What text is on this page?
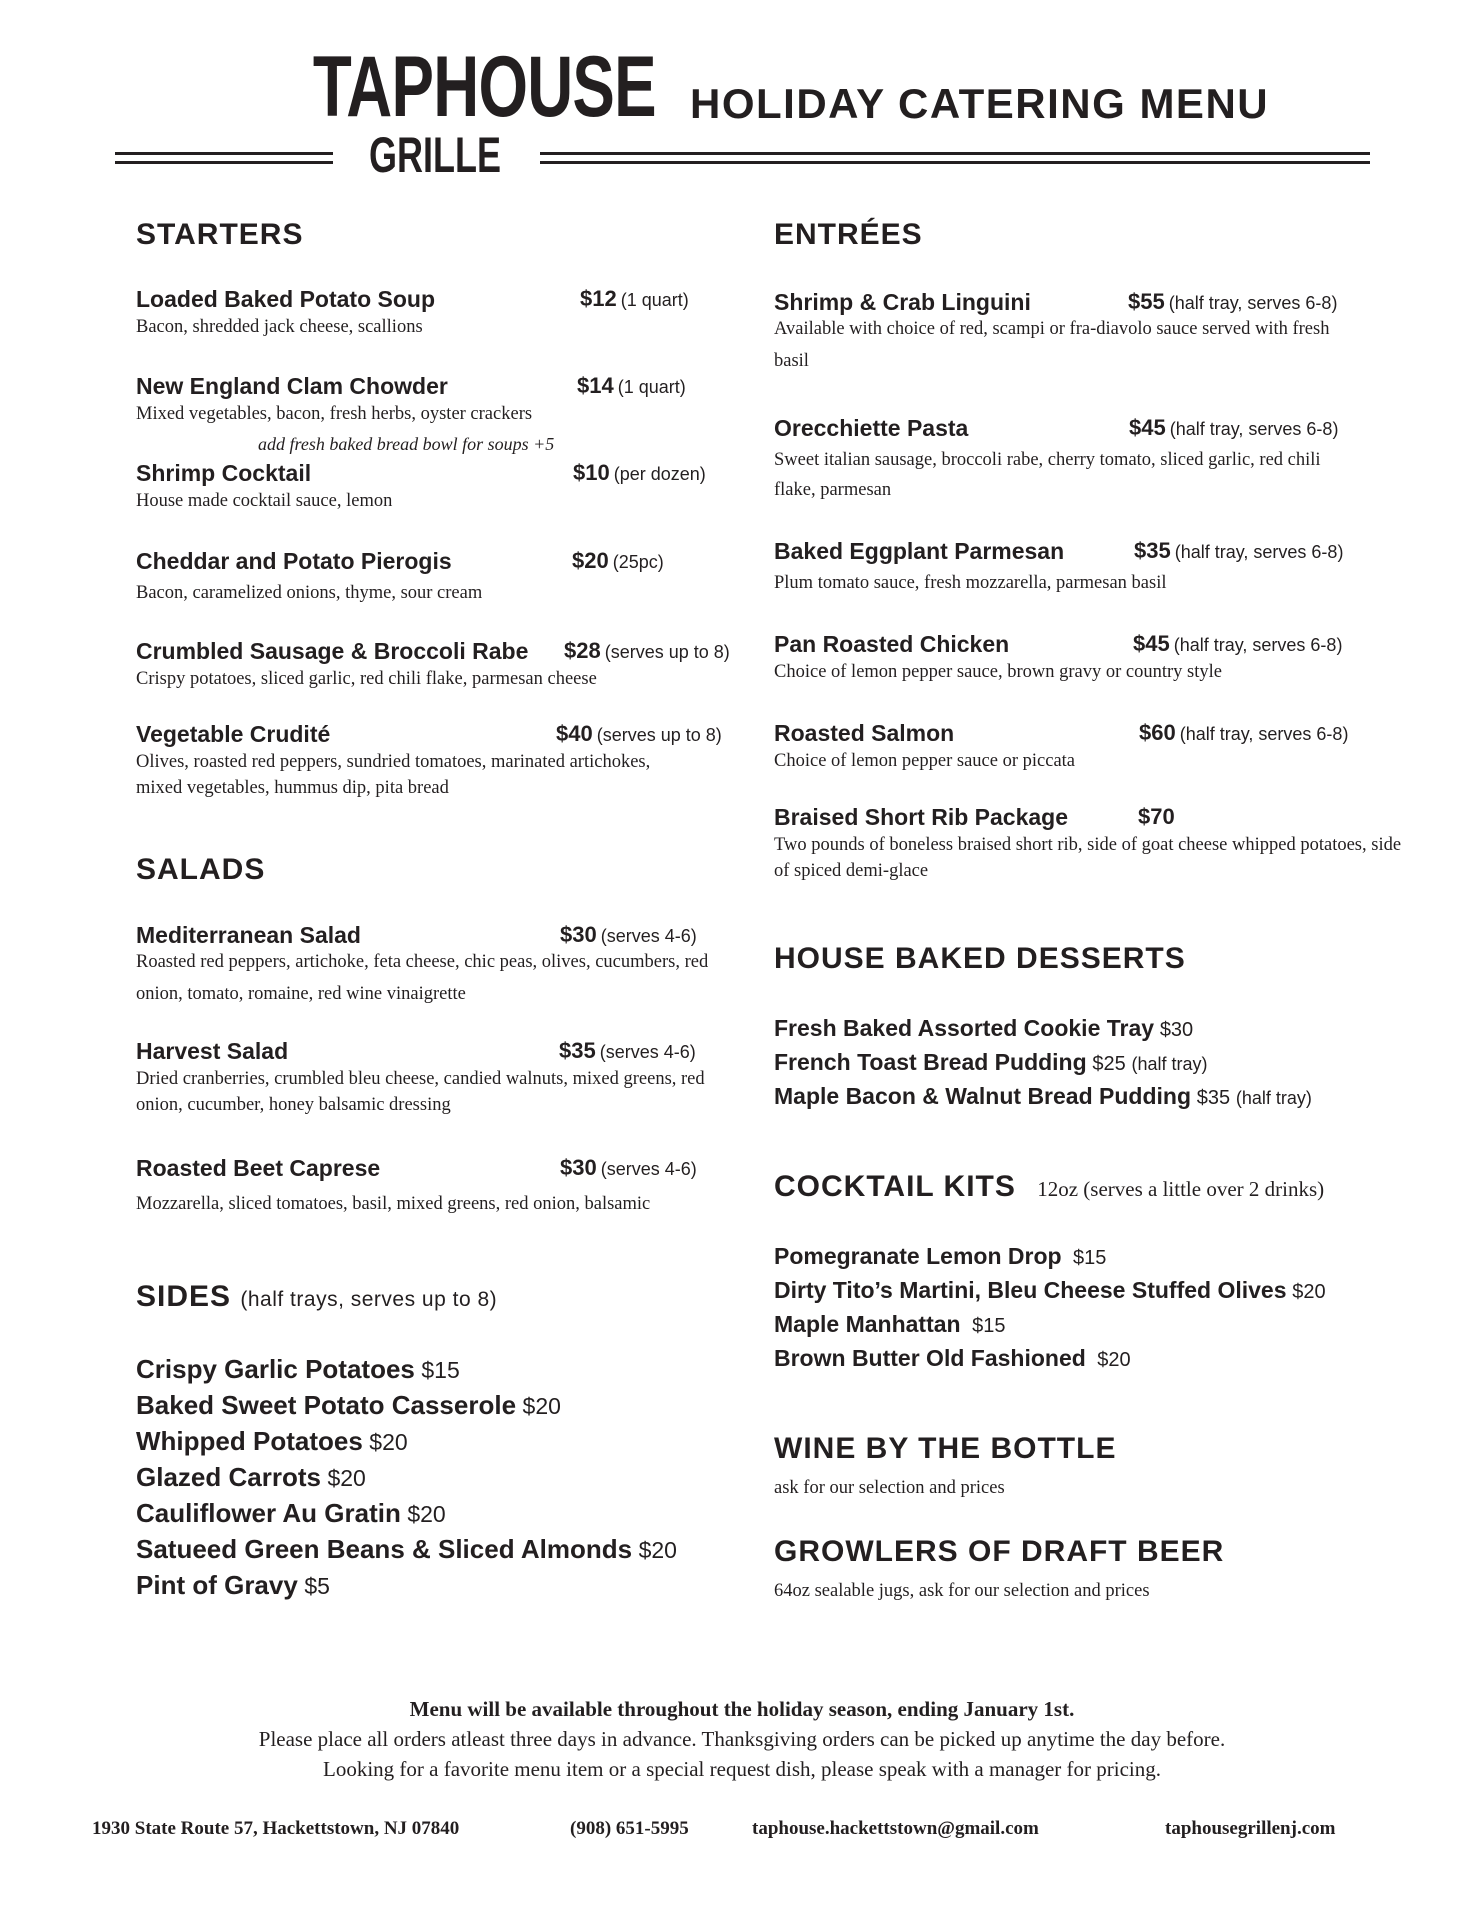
TAPHOUSE
GRILLE
HOLIDAY CATERING MENU
STARTERS
Loaded Baked Potato Soup	$12 (1 quart)
Bacon, shredded jack cheese, scallions
New England Clam Chowder	$14 (1 quart)
Mixed vegetables, bacon, fresh herbs, oyster crackers
add fresh baked bread bowl for soups +5
Shrimp Cocktail	$10 (per dozen)
House made cocktail sauce, lemon
Cheddar and Potato Pierogis	$20 (25pc)
Bacon, caramelized onions, thyme, sour cream
Crumbled Sausage & Broccoli Rabe $28 (serves up to 8)
Crispy potatoes, sliced garlic, red chili flake, parmesan cheese
Vegetable Crudité	$40 (serves up to 8)
Olives, roasted red peppers, sundried tomatoes, marinated artichokes, mixed vegetables, hummus dip, pita bread
SALADS
Mediterranean Salad	$30 (serves 4-6)
Roasted red peppers, artichoke, feta cheese, chic peas, olives, cucumbers, red onion, tomato, romaine, red wine vinaigrette
Harvest Salad	$35 (serves 4-6)
Dried cranberries, crumbled bleu cheese, candied walnuts, mixed greens, red onion, cucumber, honey balsamic dressing
Roasted Beet Caprese	$30 (serves 4-6)
Mozzarella, sliced tomatoes, basil, mixed greens, red onion, balsamic
SIDES (half trays, serves up to 8)
Crispy Garlic Potatoes $15
Baked Sweet Potato Casserole $20
Whipped Potatoes $20
Glazed Carrots $20
Cauliflower Au Gratin $20
Satueed Green Beans & Sliced Almonds $20
Pint of Gravy $5
ENTRÉES
Shrimp & Crab Linguini	$55 (half tray, serves 6-8)
Available with choice of red, scampi or fra-diavolo sauce served with fresh basil
Orecchiette Pasta	$45 (half tray, serves 6-8)
Sweet italian sausage, broccoli rabe, cherry tomato, sliced garlic, red chili flake, parmesan
Baked Eggplant Parmesan	$35 (half tray, serves 6-8)
Plum tomato sauce, fresh mozzarella, parmesan basil
Pan Roasted Chicken	$45 (half tray, serves 6-8)
Choice of lemon pepper sauce, brown gravy or country style
Roasted Salmon	$60 (half tray, serves 6-8)
Choice of lemon pepper sauce or piccata
Braised Short Rib Package	$70
Two pounds of boneless braised short rib, side of goat cheese whipped potatoes, side of spiced demi-glace
HOUSE BAKED DESSERTS
Fresh Baked Assorted Cookie Tray $30
French Toast Bread Pudding $25 (half tray)
Maple Bacon & Walnut Bread Pudding $35 (half tray)
COCKTAIL KITS 12oz (serves a little over 2 drinks)
Pomegranate Lemon Drop $15
Dirty Tito’s Martini, Bleu Cheese Stuffed Olives $20
Maple Manhattan $15
Brown Butter Old Fashioned $20
WINE BY THE BOTTLE
ask for our selection and prices
GROWLERS OF DRAFT BEER
64oz sealable jugs, ask for our selection and prices
Menu will be available throughout the holiday season, ending January 1st.
Please place all orders atleast three days in advance. Thanksgiving orders can be picked up anytime the day before.
Looking for a favorite menu item or a special request dish, please speak with a manager for pricing.
1930 State Route 57, Hackettstown, NJ 07840	(908) 651-5995	taphouse.hackettstown@gmail.com	taphousegrillenj.com
